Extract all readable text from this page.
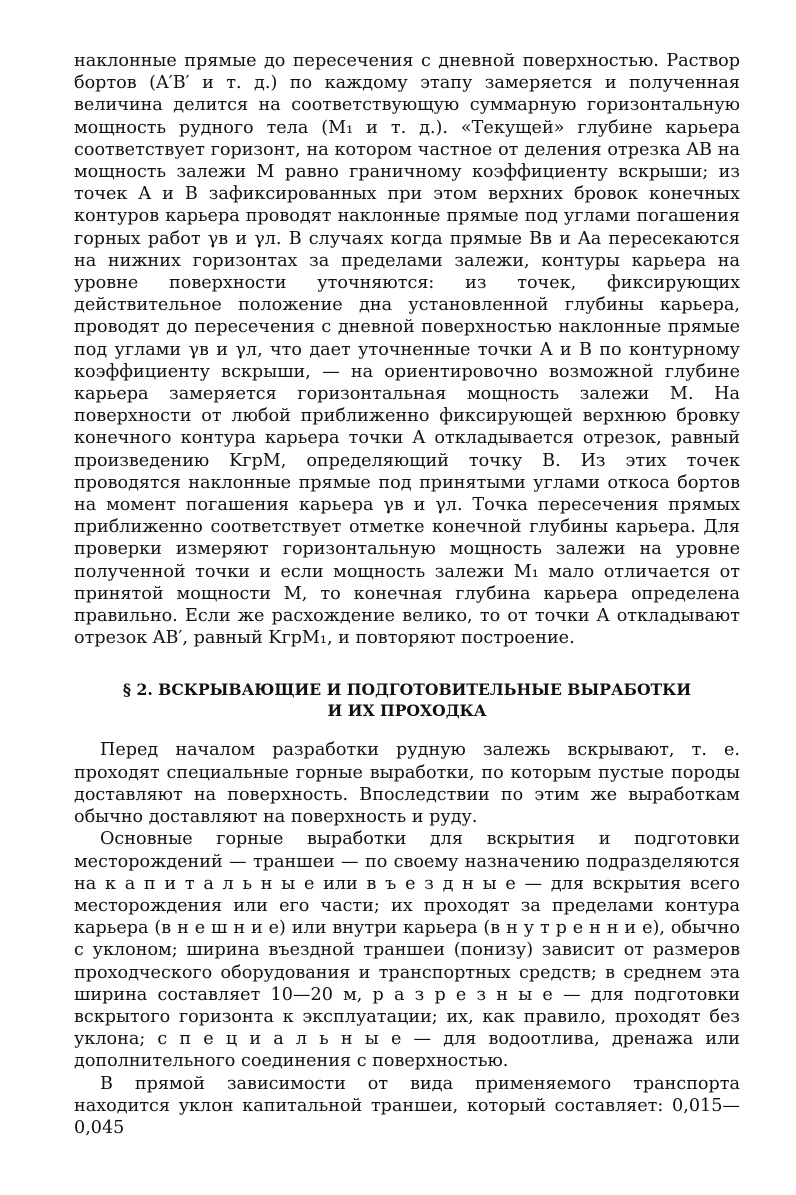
наклонные прямые до пересечения с дневной поверхностью. Раствор бортов (A′B′ и т. д.) по каждому этапу замеряется и полученная величина делится на соответствующую суммарную горизонтальную мощность рудного тела (M₁ и т. д.). «Текущей» глубине карьера соответствует горизонт, на котором частное от деления отрезка AB на мощность залежи M равно граничному коэффициенту вскрыши; из точек A и B зафиксированных при этом верхних бровок конечных контуров карьера проводят наклонные прямые под углами погашения горных работ γв и γл. В случаях когда прямые Bв и Aа пересекаются на нижних горизонтах за пределами залежи, контуры карьера на уровне поверхности уточняются: из точек, фиксирующих действительное положение дна установленной глубины карьера, проводят до пересечения с дневной поверхностью наклонные прямые под углами γв и γл, что дает уточненные точки A и B по контурному коэффициенту вскрыши, — на ориентировочно возможной глубине карьера замеряется горизонтальная мощность залежи M. На поверхности от любой приближенно фиксирующей верхнюю бровку конечного контура карьера точки A откладывается отрезок, равный произведению KгрM, определяющий точку B. Из этих точек проводятся наклонные прямые под принятыми углами откоса бортов на момент погашения карьера γв и γл. Точка пересечения прямых приближенно соответствует отметке конечной глубины карьера. Для проверки измеряют горизонтальную мощность залежи на уровне полученной точки и если мощность залежи M₁ мало отличается от принятой мощности M, то конечная глубина карьера определена правильно. Если же расхождение велико, то от точки A откладывают отрезок AB′, равный KгрM₁, и повторяют построение.

§ 2. ВСКРЫВАЮЩИЕ И ПОДГОТОВИТЕЛЬНЫЕ ВЫРАБОТКИ
И ИХ ПРОХОДКА

Перед началом разработки рудную залежь вскрывают, т. е. проходят специальные горные выработки, по которым пустые породы доставляют на поверхность. Впоследствии по этим же выработкам обычно доставляют на поверхность и руду.

Основные горные выработки для вскрытия и подготовки месторождений — траншеи — по своему назначению подразделяются на к а п и т а л ь н ы е или в ъ е з д н ы е — для вскрытия всего месторождения или его части; их проходят за пределами контура карьера (в н е ш н и е) или внутри карьера (в н у т р е н н и е), обычно с уклоном; ширина въездной траншеи (понизу) зависит от размеров проходческого оборудования и транспортных средств; в среднем эта ширина составляет 10—20 м, р а з р е з н ы е — для подготовки вскрытого горизонта к эксплуатации; их, как правило, проходят без уклона; с п е ц и а л ь н ы е — для водоотлива, дренажа или дополнительного соединения с поверхностью.

В прямой зависимости от вида применяемого транспорта находится уклон капитальной траншеи, который составляет: 0,015—0,045
